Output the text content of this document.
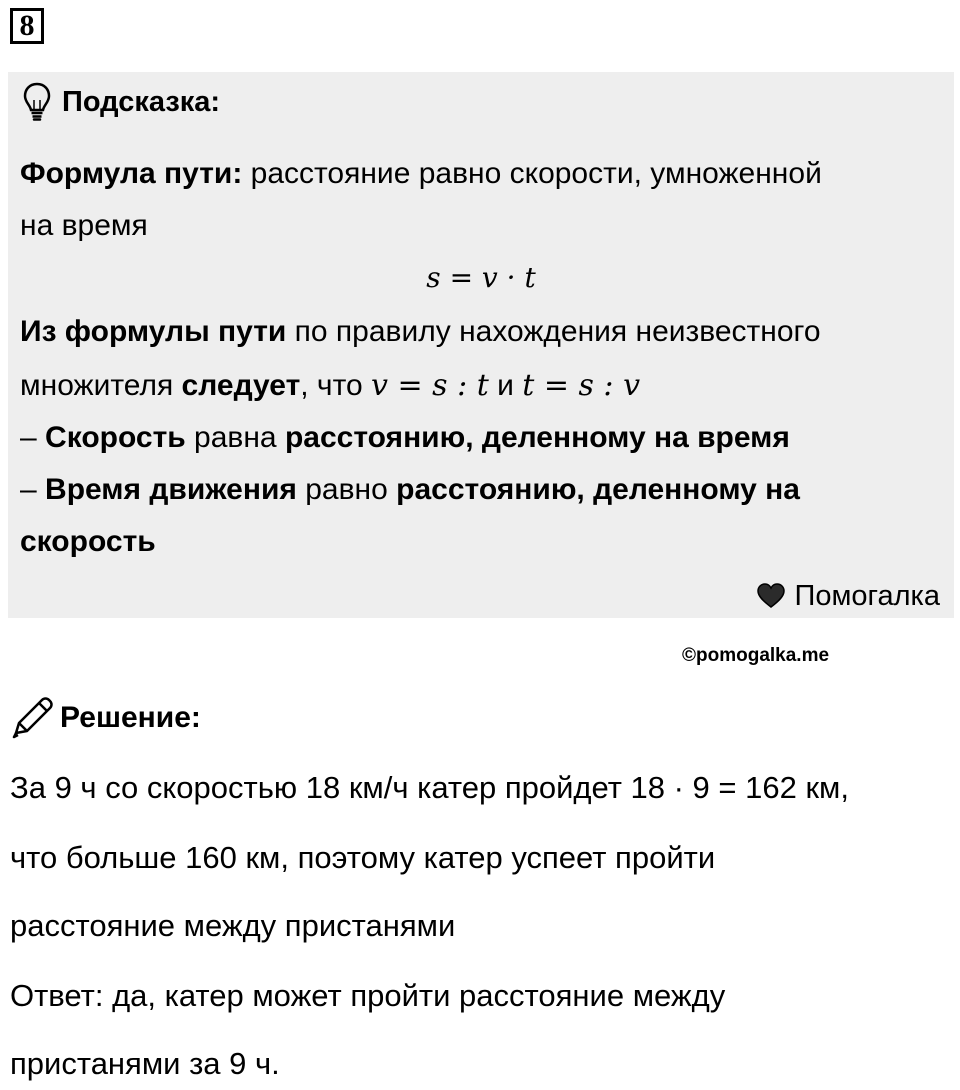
8
Подсказка:
Формула пути: расстояние равно скорости, умноженной
на время
s = v · t
Из формулы пути по правилу нахождения неизвестного
множителя следует, что v = s : t и t = s : v
– Скорость равна расстоянию, деленному на время
– Время движения равно расстоянию, деленному на
скорость
Помогалка
©pomogalka.me
Решение:
За 9 ч со скоростью 18 км/ч катер пройдет 18 · 9 = 162 км,
что больше 160 км, поэтому катер успеет пройти
расстояние между пристанями
Ответ: да, катер может пройти расстояние между
пристанями за 9 ч.
